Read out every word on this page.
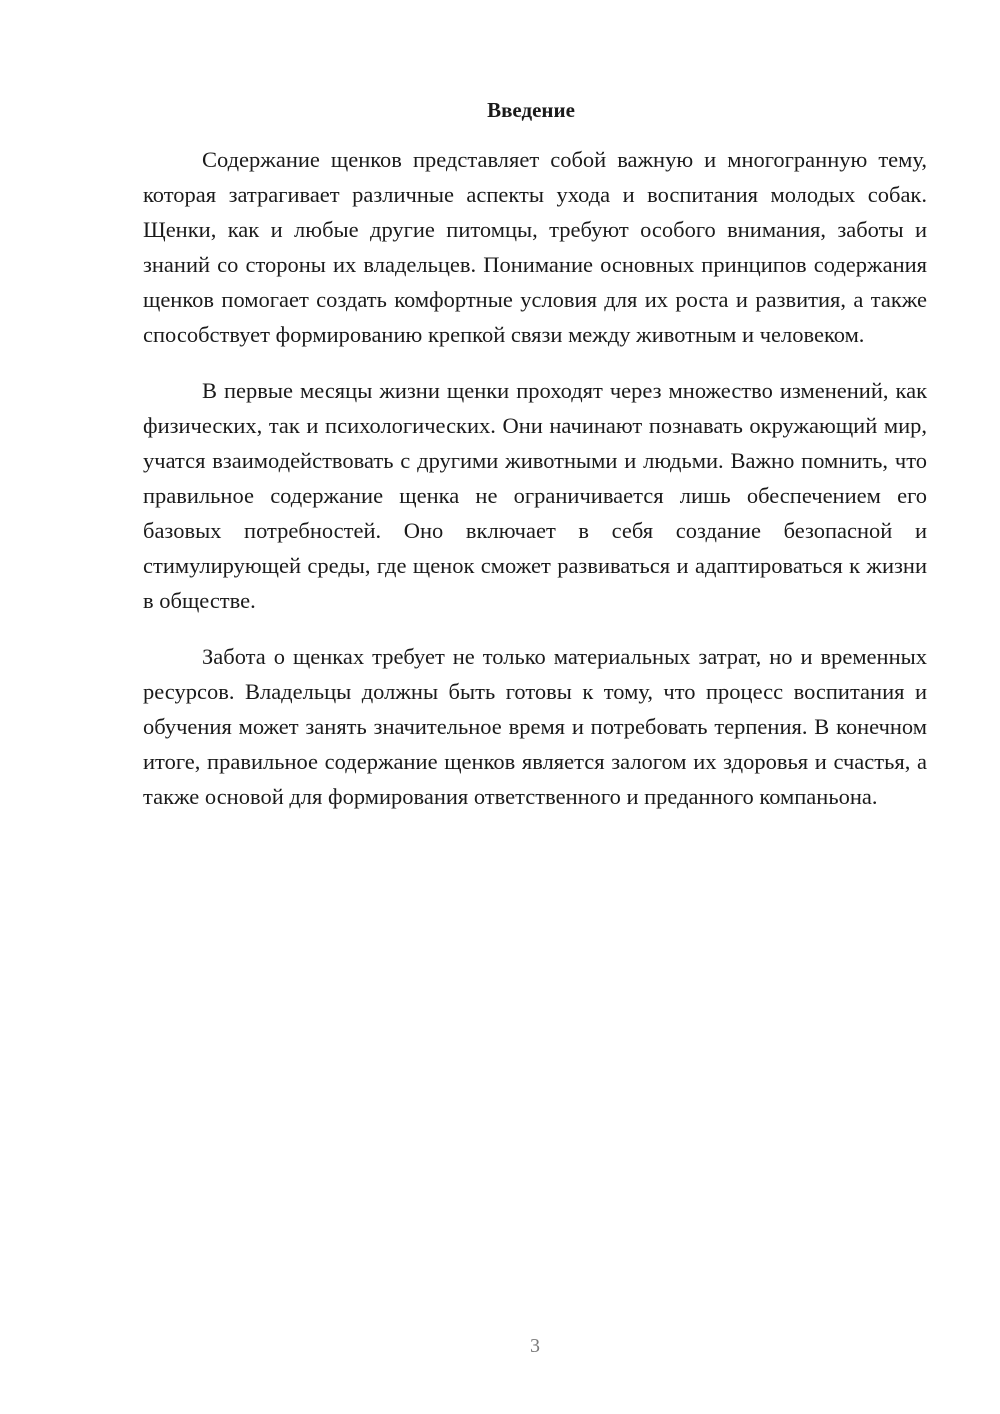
Введение

Содержание щенков представляет собой важную и многогранную тему, которая затрагивает различные аспекты ухода и воспитания молодых собак. Щенки, как и любые другие питомцы, требуют особого внимания, заботы и знаний со стороны их владельцев. Понимание основных принципов содержания щенков помогает создать комфортные условия для их роста и развития, а также способствует формированию крепкой связи между животным и человеком.

В первые месяцы жизни щенки проходят через множество изменений, как физических, так и психологических. Они начинают познавать окружающий мир, учатся взаимодействовать с другими животными и людьми. Важно помнить, что правильное содержание щенка не ограничивается лишь обеспечением его базовых потребностей. Оно включает в себя создание безопасной и стимулирующей среды, где щенок сможет развиваться и адаптироваться к жизни в обществе.

Забота о щенках требует не только материальных затрат, но и временных ресурсов. Владельцы должны быть готовы к тому, что процесс воспитания и обучения может занять значительное время и потребовать терпения. В конечном итоге, правильное содержание щенков является залогом их здоровья и счастья, а также основой для формирования ответственного и преданного компаньона.

3
